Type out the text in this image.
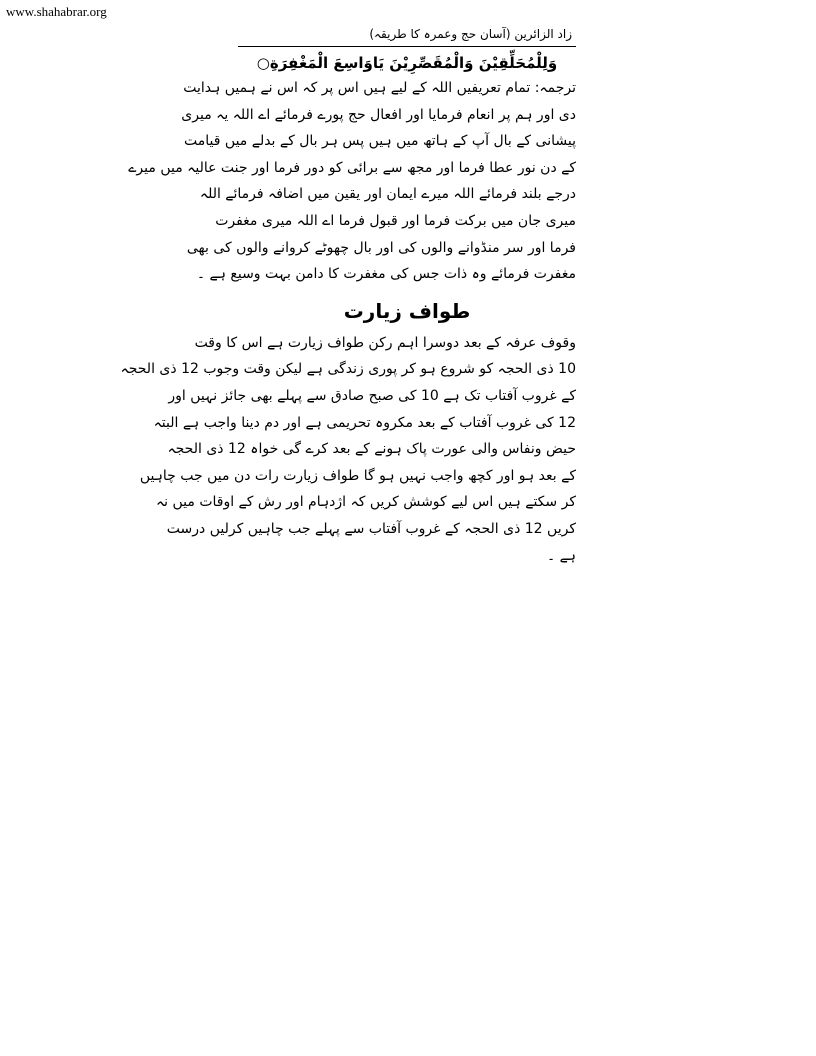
www.shahabrar.org
زاد الزائرین (آسان حج وعمرہ کا طریقہ)
وَلِلْمُحَلِّقِيْنَ وَالْمُقَصِّرِيْنَ يَاوَاسِعَ الْمَغْفِرَةِ○

ترجمہ: تمام تعریفیں اللہ کے لیے ہیں اس پر کہ اس نے ہمیں ہدایت
دی اور ہم پر انعام فرمایا اور افعال حج پورے فرمائے اے اللہ یہ میری
پیشانی کے بال آپ کے ہاتھ میں ہیں پس ہر بال کے بدلے میں قیامت
کے دن نور عطا فرما اور مجھ سے برائی کو دور فرما اور جنت عالیہ میں میرے
درجے بلند فرمائے اللہ میرے ایمان اور یقین میں اضافہ فرمائے اللہ
میری جان میں برکت فرما اور قبول فرما اے اللہ میری مغفرت
فرما اور سر منڈوانے والوں کی اور بال چھوٹے کروانے والوں کی بھی
مغفرت فرمائے وہ ذات جس کی مغفرت کا دامن بہت وسیع ہے ۔

طواف زیارت

وقوف عرفہ کے بعد دوسرا اہم رکن طواف زیارت ہے اس کا وقت
10 ذی الحجہ کو شروع ہو کر پوری زندگی ہے لیکن وقت وجوب 12 ذی الحجہ
کے غروب آفتاب تک ہے 10 کی صبح صادق سے پہلے بھی جائز نہیں اور
12 کی غروب آفتاب کے بعد مکروہ تحریمی ہے اور دم دینا واجب ہے البتہ
حیض ونفاس والی عورت پاک ہونے کے بعد کرے گی خواہ 12 ذی الحجہ
کے بعد ہو اور کچھ واجب نہیں ہو گا طواف زیارت رات دن میں جب چاہیں
کر سکتے ہیں اس لیے کوشش کریں کہ اژدہام اور رش کے اوقات میں نہ
کریں 12 ذی الحجہ کے غروب آفتاب سے پہلے جب چاہیں کرلیں درست
ہے ۔
